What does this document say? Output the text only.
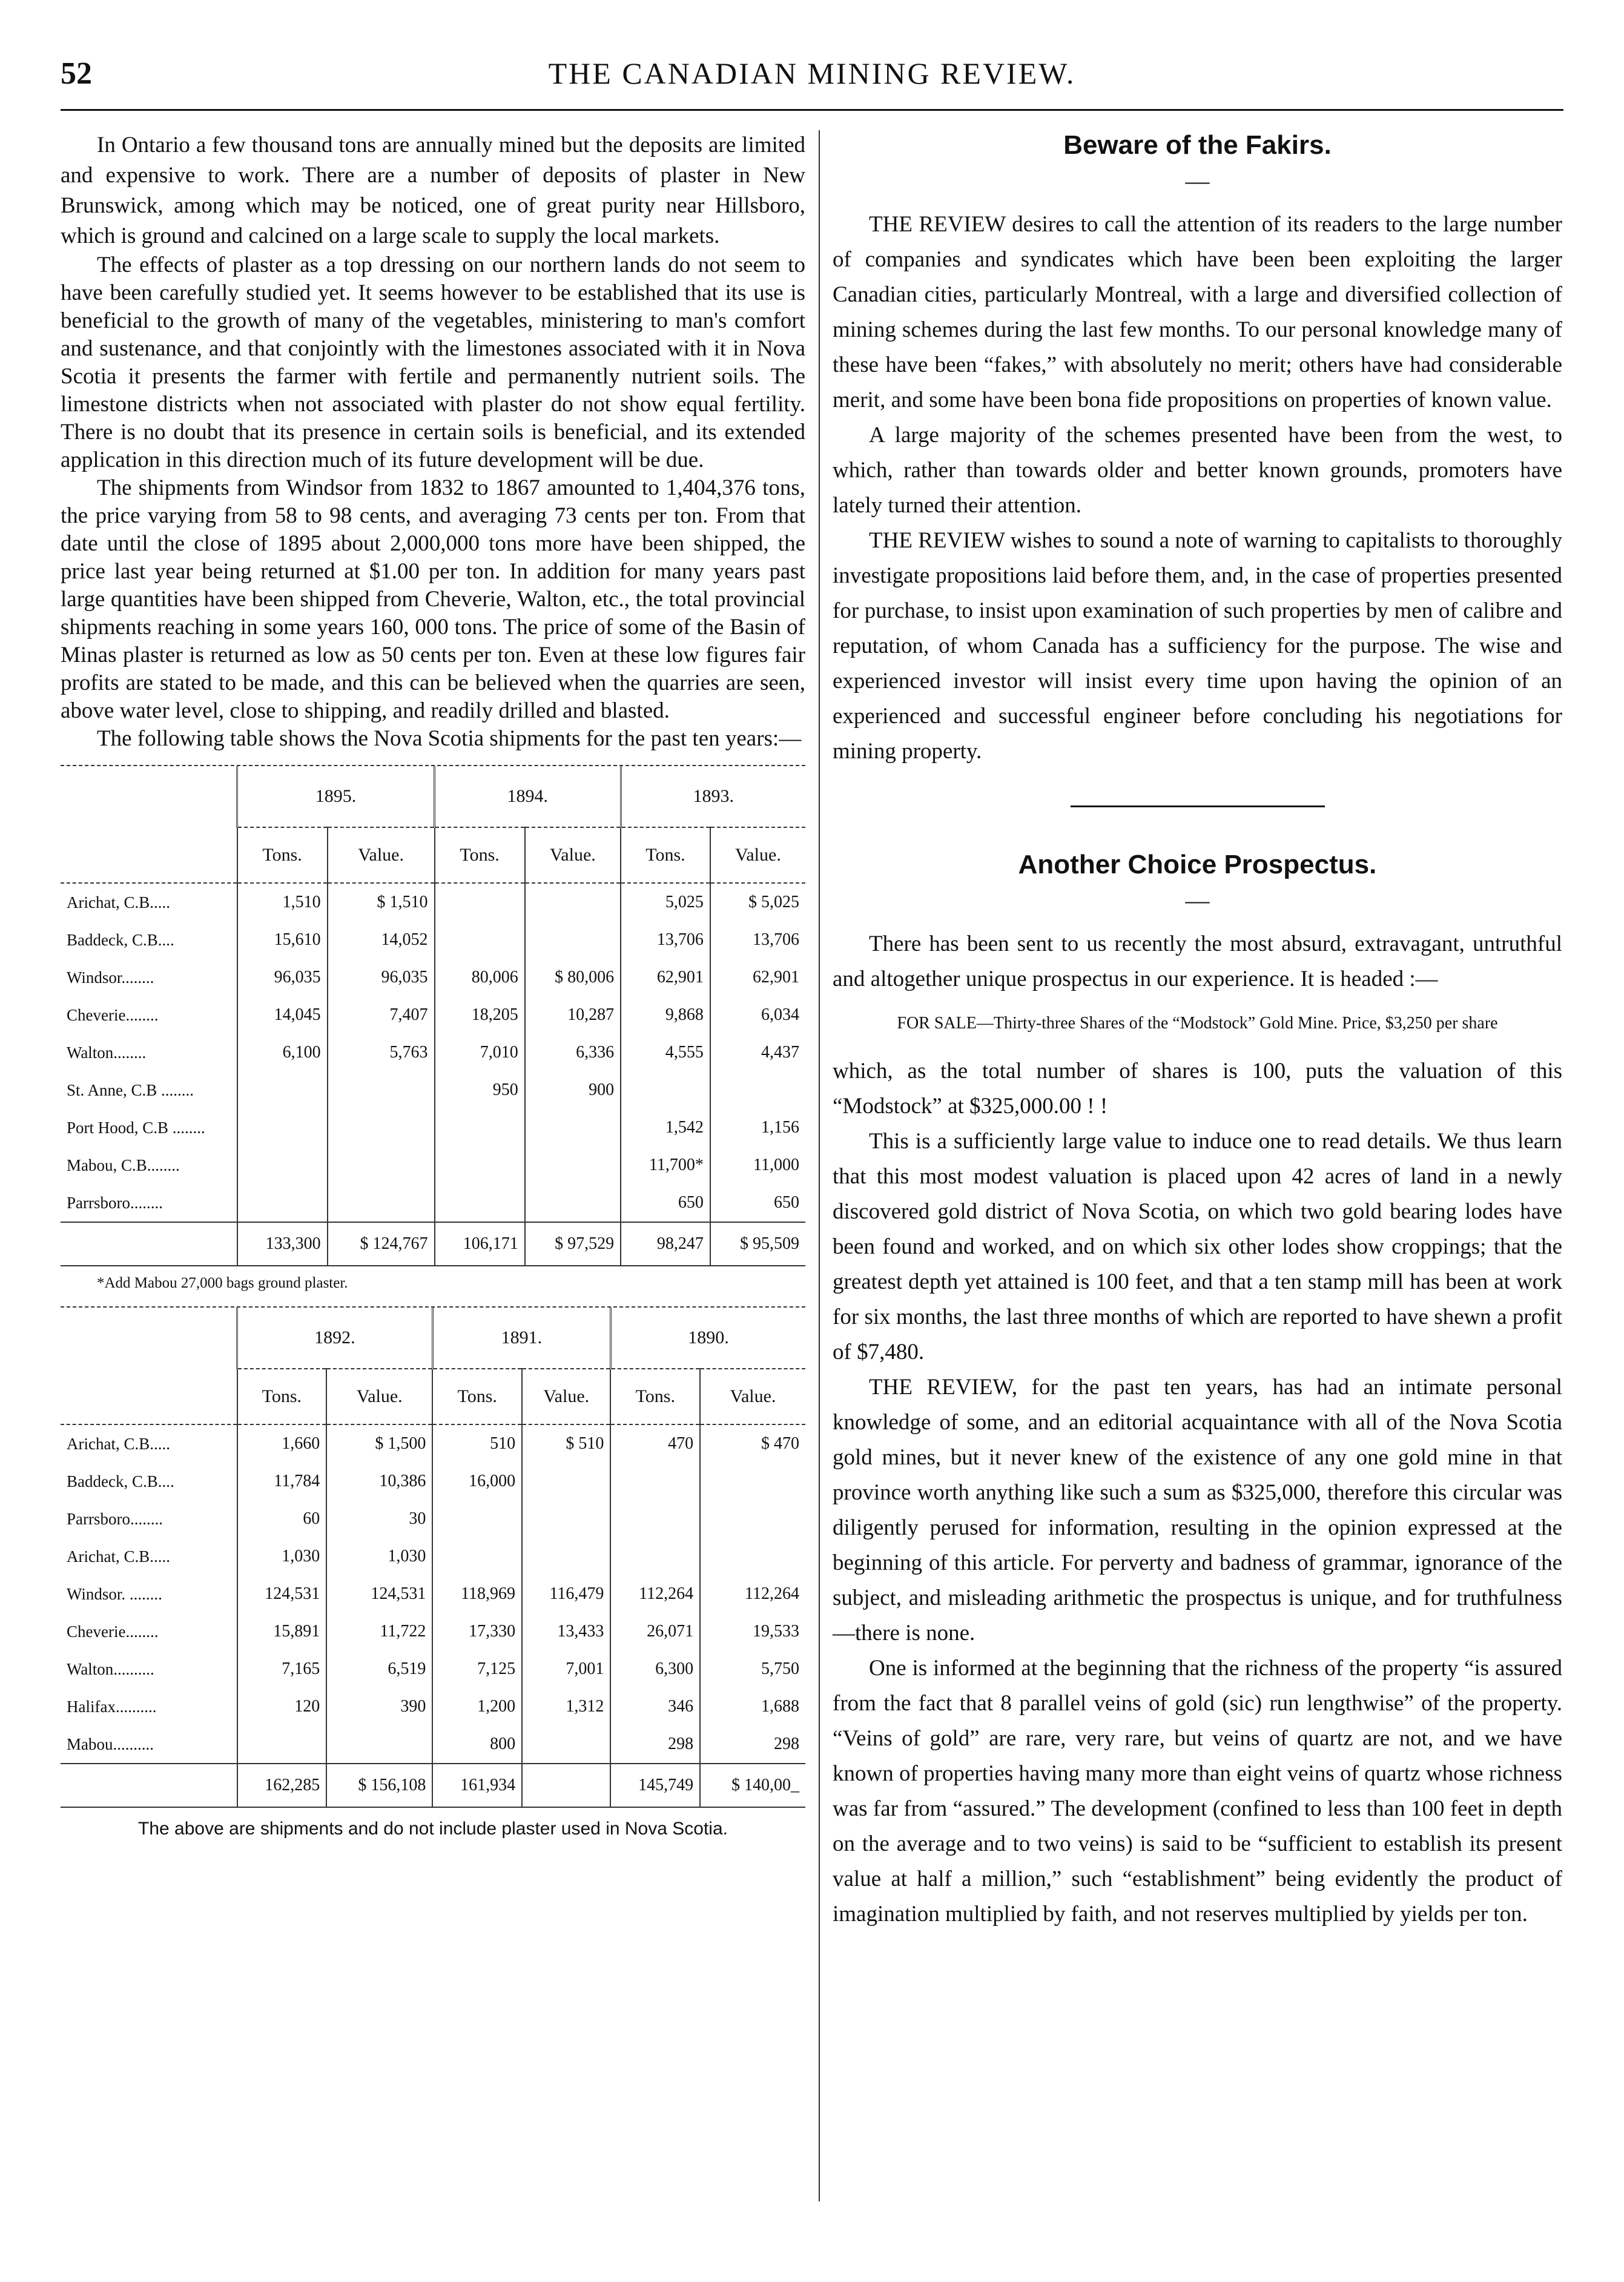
52	THE CANADIAN MINING REVIEW.

In Ontario a few thousand tons are annually mined but the deposits are limited and expensive to work. There are a number of deposits of plaster in New Brunswick, among which may be noticed, one of great purity near Hillsboro, which is ground and calcined on a large scale to supply the local markets.

The effects of plaster as a top dressing on our northern lands do not seem to have been carefully studied yet. It seems however to be established that its use is beneficial to the growth of many of the vegetables, ministering to man's comfort and sustenance, and that conjointly with the limestones associated with it in Nova Scotia it presents the farmer with fertile and permanently nutrient soils. The limestone districts when not associated with plaster do not show equal fertility. There is no doubt that its presence in certain soils is beneficial, and its extended application in this direction much of its future development will be due.

The shipments from Windsor from 1832 to 1867 amounted to 1,404,376 tons, the price varying from 58 to 98 cents, and averaging 73 cents per ton. From that date until the close of 1895 about 2,000,000 tons more have been shipped, the price last year being returned at $1.00 per ton. In addition for many years past large quantities have been shipped from Cheverie, Walton, etc., the total provincial shipments reaching in some years 160, 000 tons. The price of some of the Basin of Minas plaster is returned as low as 50 cents per ton. Even at these low figures fair profits are stated to be made, and this can be believed when the quarries are seen, above water level, close to shipping, and readily drilled and blasted.

The following table shows the Nova Scotia shipments for the past ten years:—

	1895.		1894.		1893.	
	Tons.	Value.	Tons.	Value.	Tons.	Value.
Arichat, C.B.....	1,510	$ 1,510			5,025	$ 5,025
Baddeck, C.B....	15,610	14,052			13,706	13,706
Windsor........	96,035	96,035	80,006	$ 80,006	62,901	62,901
Cheverie........	14,045	7,407	18,205	10,287	9,868	6,034
Walton........	6,100	5,763	7,010	6,336	4,555	4,437
St. Anne, C.B ........			950	900		
Port Hood, C.B ........					1,542	1,156
Mabou, C.B........					11,700*	11,000
Parrsboro........					650	650
	133,300	$ 124,767	106,171	$ 97,529	98,247	$ 95,509
*Add Mabou 27,000 bags ground plaster.
	1892.		1891.		1890.	
	Tons.	Value.	Tons.	Value.	Tons.	Value.
Arichat, C.B.....	1,660	$ 1,500	510	$ 510	470	$ 470
Baddeck, C.B....	11,784	10,386	16,000			
Parrsboro........	60	30				
Arichat, C.B.....	1,030	1,030				
Windsor. ........	124,531	124,531	118,969	116,479	112,264	112,264
Cheverie........	15,891	11,722	17,330	13,433	26,071	19,533
Walton..........	7,165	6,519	7,125	7,001	6,300	5,750
Halifax..........	120	390	1,200	1,312	346	1,688
Mabou..........			800		298	298
	162,285	$ 156,108	161,934		145,749	$ 140,00_
The above are shipments and do not include plaster used in Nova Scotia.
Beware of the Fakirs.
—

THE REVIEW desires to call the attention of its readers to the large number of companies and syndicates which have been been exploiting the larger Canadian cities, particularly Montreal, with a large and diversified collection of mining schemes during the last few months. To our personal knowledge many of these have been “fakes,” with absolutely no merit; others have had considerable merit, and some have been bona fide propositions on properties of known value.

A large majority of the schemes presented have been from the west, to which, rather than towards older and better known grounds, promoters have lately turned their attention.

THE REVIEW wishes to sound a note of warning to capitalists to thoroughly investigate propositions laid before them, and, in the case of properties presented for purchase, to insist upon examination of such properties by men of calibre and reputation, of whom Canada has a sufficiency for the purpose. The wise and experienced investor will insist every time upon having the opinion of an experienced and successful engineer before concluding his negotiations for mining property.

Another Choice Prospectus.
—

There has been sent to us recently the most absurd, extravagant, untruthful and altogether unique prospectus in our experience. It is headed :—

FOR SALE—Thirty-three Shares of the “Modstock” Gold Mine. Price, $3,250 per share

which, as the total number of shares is 100, puts the valuation of this “Modstock” at $325,000.00 ! !

This is a sufficiently large value to induce one to read details. We thus learn that this most modest valuation is placed upon 42 acres of land in a newly discovered gold district of Nova Scotia, on which two gold bearing lodes have been found and worked, and on which six other lodes show croppings; that the greatest depth yet attained is 100 feet, and that a ten stamp mill has been at work for six months, the last three months of which are reported to have shewn a profit of $7,480.

THE REVIEW, for the past ten years, has had an intimate personal knowledge of some, and an editorial acquaintance with all of the Nova Scotia gold mines, but it never knew of the existence of any one gold mine in that province worth anything like such a sum as $325,000, therefore this circular was diligently perused for information, resulting in the opinion expressed at the beginning of this article. For perverty and badness of grammar, ignorance of the subject, and misleading arithmetic the prospectus is unique, and for truthfulness—there is none.

One is informed at the beginning that the richness of the property “is assured from the fact that 8 parallel veins of gold (sic) run lengthwise” of the property. “Veins of gold” are rare, very rare, but veins of quartz are not, and we have known of properties having many more than eight veins of quartz whose richness was far from “assured.” The development (confined to less than 100 feet in depth on the average and to two veins) is said to be “sufficient to establish its present value at half a million,” such “establishment” being evidently the product of imagination multiplied by faith, and not reserves multiplied by yields per ton.
